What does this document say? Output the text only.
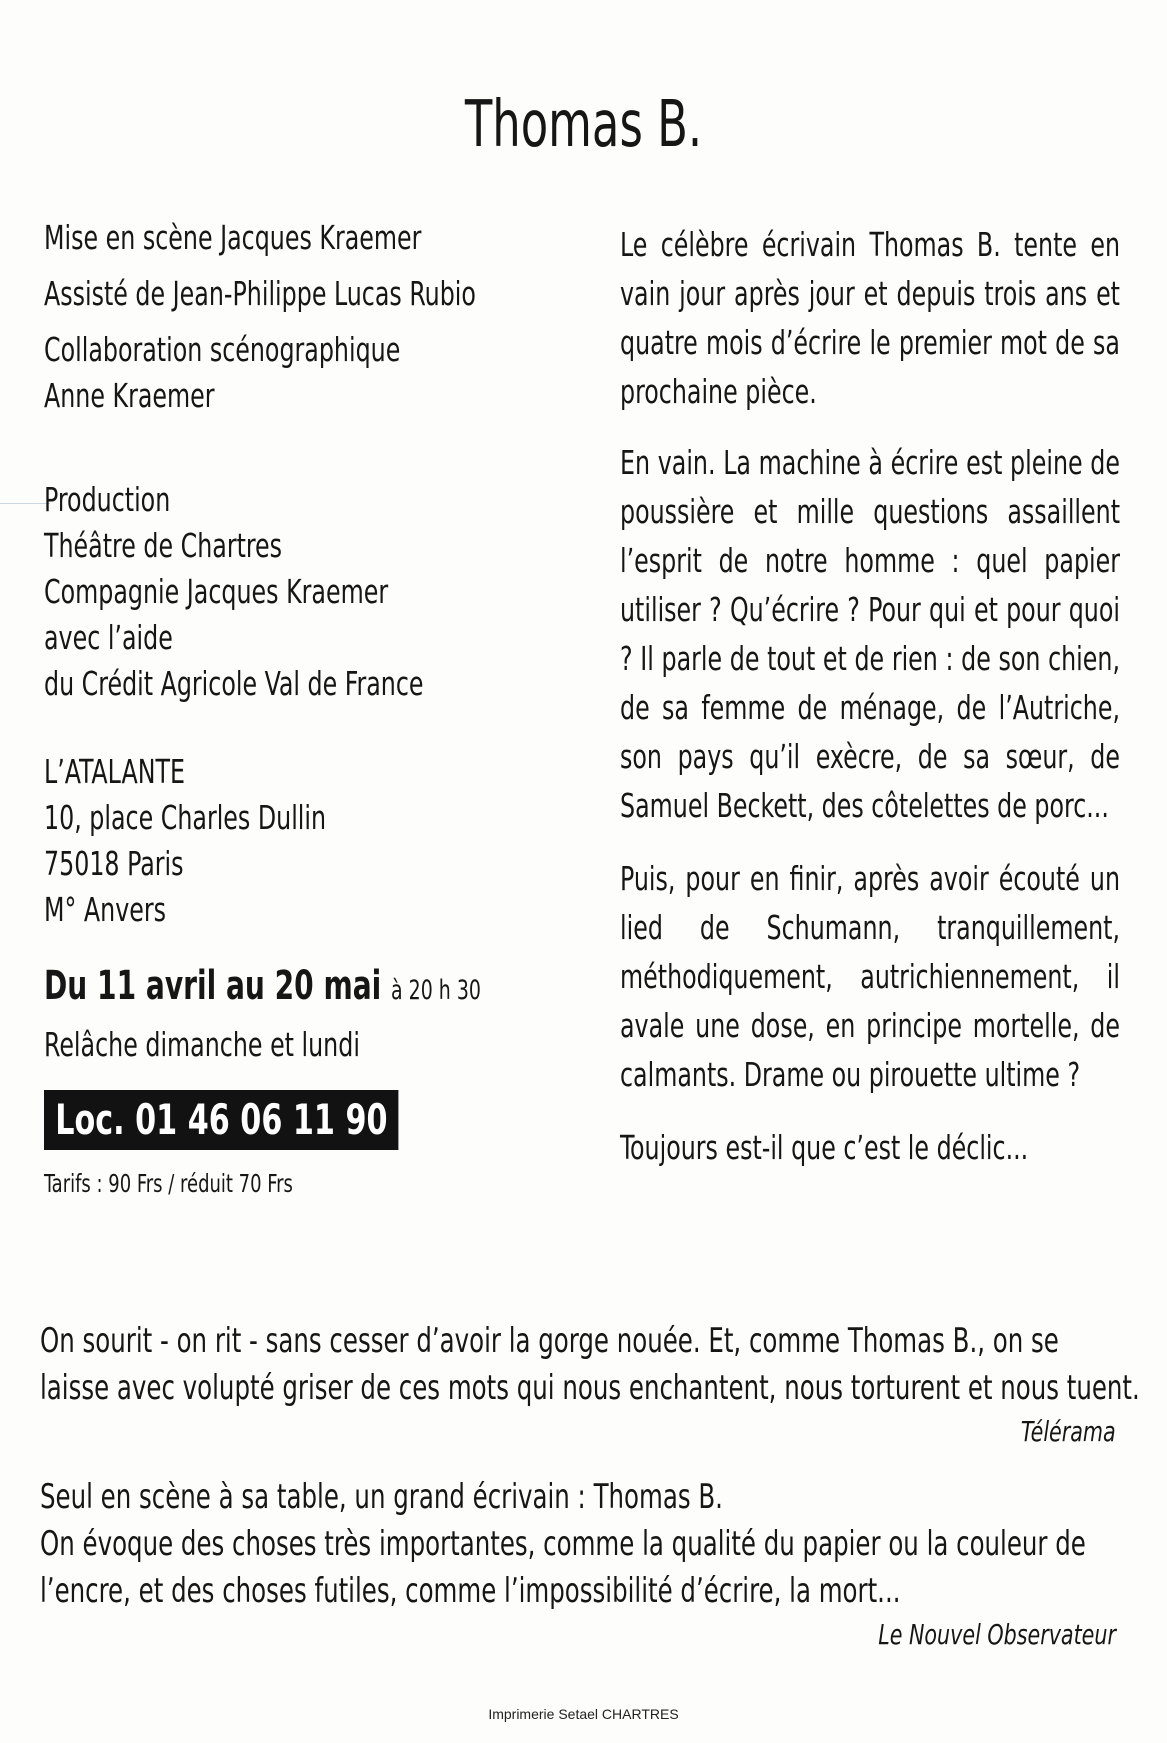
Thomas B.
Mise en scène Jacques Kraemer
Assisté de Jean-Philippe Lucas Rubio
Collaboration scénographique
Anne Kraemer
Production
Théâtre de Chartres
Compagnie Jacques Kraemer
avec l’aide
du Crédit Agricole Val de France
L’ATALANTE
10, place Charles Dullin
75018 Paris
M° Anvers
Du 11 avril au 20 mai à 20 h 30
Relâche dimanche et lundi
Loc. 01 46 06 11 90
Tarifs : 90 Frs / réduit 70 Frs

Le célèbre écrivain Thomas B. tente en vain jour après jour et depuis trois ans et quatre mois d’écrire le premier mot de sa prochaine pièce.

En vain. La machine à écrire est pleine de poussière et mille questions assaillent l’esprit de notre homme : quel papier utiliser ? Qu’écrire ? Pour qui et pour quoi ? Il parle de tout et de rien : de son chien, de sa femme de ménage, de l’Autriche, son pays qu’il exècre, de sa sœur, de Samuel Beckett, des côtelettes de porc...

Puis, pour en finir, après avoir écouté un lied de Schumann, tranquillement, méthodiquement, autrichiennement, il avale une dose, en principe mortelle, de calmants. Drame ou pirouette ultime ?

Toujours est-il que c’est le déclic...

On sourit - on rit - sans cesser d’avoir la gorge nouée. Et, comme Thomas B., on se
laisse avec volupté griser de ces mots qui nous enchantent, nous torturent et nous tuent.
Télérama
Seul en scène à sa table, un grand écrivain : Thomas B.
On évoque des choses très importantes, comme la qualité du papier ou la couleur de
l’encre, et des choses futiles, comme l’impossibilité d’écrire, la mort...
Le Nouvel Observateur
Imprimerie Setael CHARTRES
